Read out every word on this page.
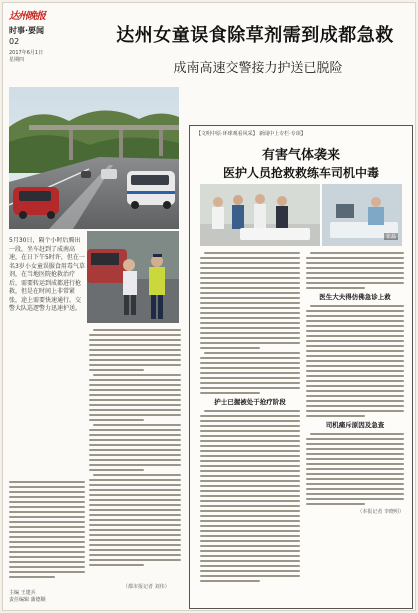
达州晚报
时事·要闻
02
2017年6月1日
星期四
达州女童误食除草剂需到成都急救
成南高速交警接力护送已脱险
5月30日，隔个小时后腾出一段，坐车赶到了成南高速，在日下午5时许，但在一名3岁小女童误服食用毒气草剂，在当地医院抢救治疗后，需要转运到成都进行抢救，但是在时间上非常紧张，途上需要快速通行。交警大队巡逻警力迅速护送。
（都市报记者 刘伟）
主编 王建兵
责任编辑 蒲德顺
【文明中原·环球观看风采】 新闻中上专栏·专项】
有害气体袭来
医护人员抢救救练车司机中毒
张磊
护士已握被处于抢疗阶段
医生大夫得仿佛急诊上救
司机痛斥原因及急查
（本报记者 李晓明）
